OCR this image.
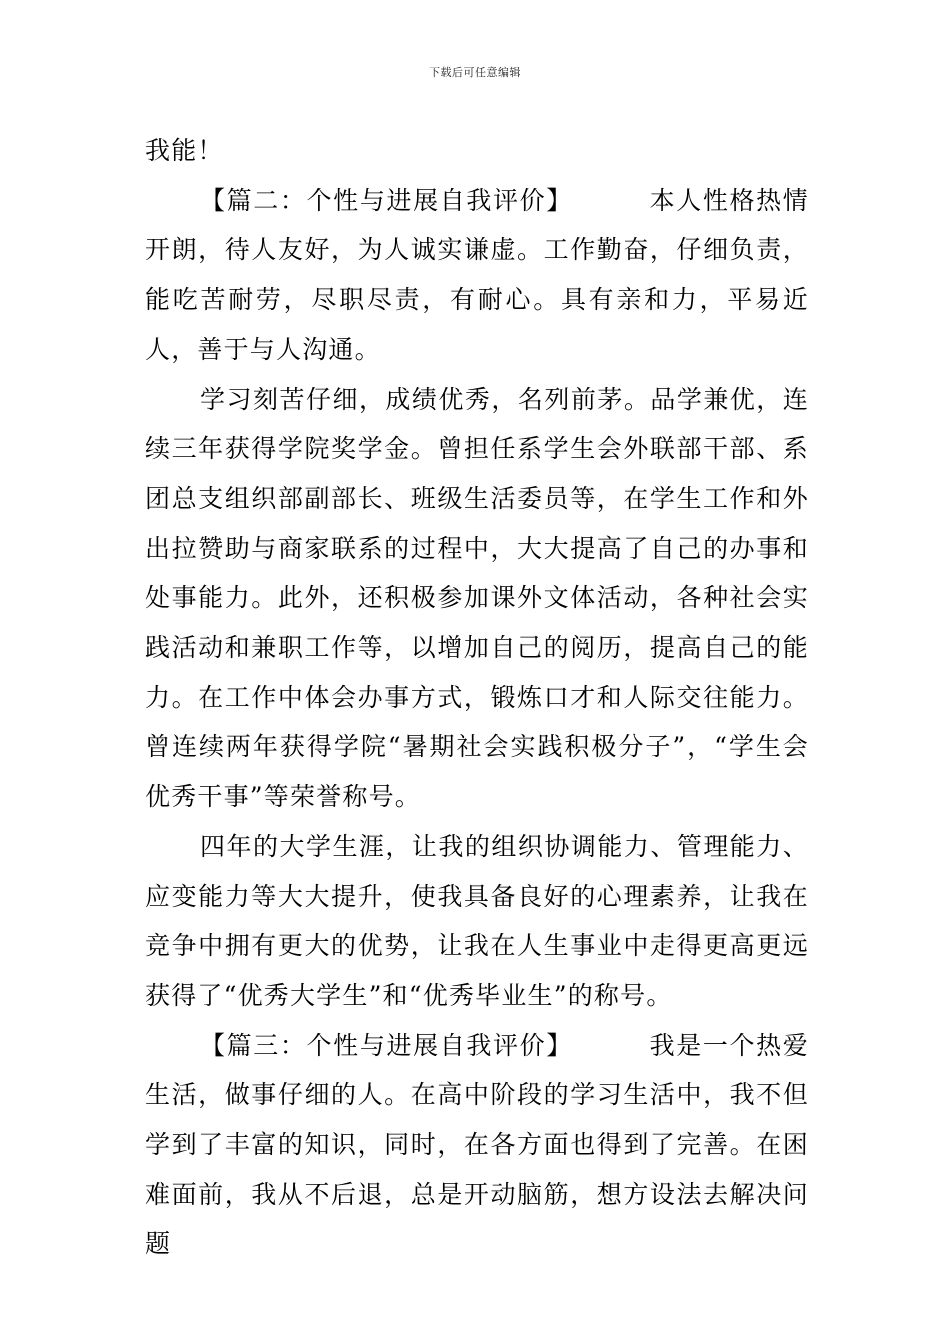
下载后可任意编辑

我能！

【篇二：个性与进展自我评价】	本人性格热情开朗，待人友好，为人诚实谦虚。工作勤奋，仔细负责，能吃苦耐劳，尽职尽责，有耐心。具有亲和力，平易近人，善于与人沟通。

学习刻苦仔细，成绩优秀，名列前茅。品学兼优，连续三年获得学院奖学金。曾担任系学生会外联部干部、系团总支组织部副部长、班级生活委员等，在学生工作和外出拉赞助与商家联系的过程中，大大提高了自己的办事和处事能力。此外，还积极参加课外文体活动，各种社会实践活动和兼职工作等，以增加自己的阅历，提高自己的能力。在工作中体会办事方式，锻炼口才和人际交往能力。曾连续两年获得学院“暑期社会实践积极分子”，“学生会优秀干事”等荣誉称号。

四年的大学生涯，让我的组织协调能力、管理能力、应变能力等大大提升，使我具备良好的心理素养，让我在竞争中拥有更大的优势，让我在人生事业中走得更高更远获得了“优秀大学生”和“优秀毕业生”的称号。

【篇三：个性与进展自我评价】	我是一个热爱生活，做事仔细的人。在高中阶段的学习生活中，我不但学到了丰富的知识，同时，在各方面也得到了完善。在困难面前，我从不后退，总是开动脑筋，想方设法去解决问题
